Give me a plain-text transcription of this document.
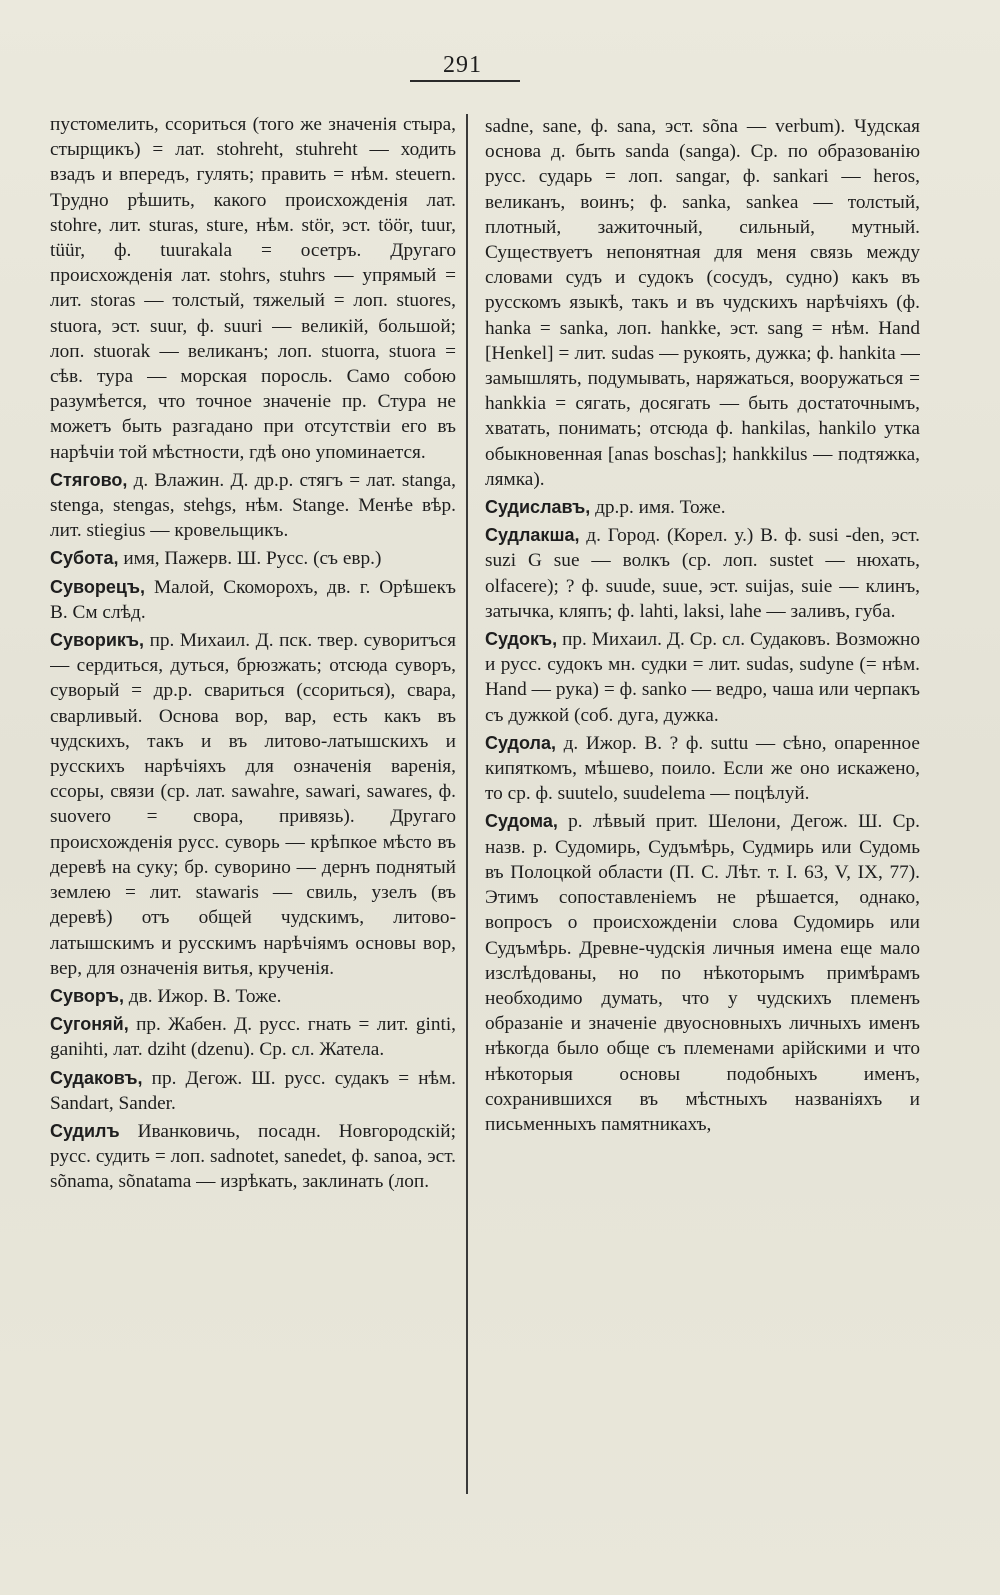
291

пустомелить, ссориться (того же значенія стыра, стырщикъ) = лат. stohreht, stuhreht — ходить взадъ и впередъ, гулять; править = нѣм. steuern. Трудно рѣшить, какого происхожденія лат. stohre, лит. sturas, sture, нѣм. stör, эст. töör, tuur, tüür, ф. tuurakala = осетръ. Другаго происхожденія лат. stohrs, stuhrs — упрямый = лит. storas — толстый, тяжелый = лоп. stuores, stuora, эст. suur, ф. suuri — великій, большой; лоп. stuorak — великанъ; лоп. stuorra, stuora = сѣв. тура — морская поросль. Само собою разумѣется, что точное значеніе пр. Стура не можетъ быть разгадано при отсутствіи его въ нарѣчіи той мѣстности, гдѣ оно упоминается.

Стягово, д. Влажин. Д. др.р. стягъ = лат. stanga, stenga, stengas, stehgs, нѣм. Stange. Менѣе вѣр. лит. stiegius — кровельщикъ.

Субота, имя, Пажерв. Ш. Русс. (съ евр.)

Суворецъ, Малой, Скоморохъ, дв. г. Орѣшекъ В. См слѣд.

Суворикъ, пр. Михаил. Д. пск. твер. суворитъся — сердиться, дуться, брюзжать; отсюда суворъ, суворый = др.р. свариться (ссориться), свара, сварливый. Основа вор, вар, есть какъ въ чудскихъ, такъ и въ литово-латышскихъ и русскихъ нарѣчіяхъ для означенія варенія, ссоры, связи (ср. лат. sawahre, sawari, sawares, ф. suovero = свора, привязь). Другаго происхожденія русс. суворь — крѣпкое мѣсто въ деревѣ на суку; бр. суворино — дернъ поднятый землею = лит. stawaris — свиль, узелъ (въ деревѣ) отъ общей чудскимъ, литово-латышскимъ и русскимъ нарѣчіямъ основы вор, вер, для означенія витья, крученія.

Суворъ, дв. Ижор. В. Тоже.

Сугоняй, пр. Жабен. Д. русс. гнать = лит. ginti, ganihti, лат. dziht (dzenu). Ср. сл. Жатела.

Судаковъ, пр. Дегож. Ш. русс. судакъ = нѣм. Sandart, Sander.

Судилъ Иванковичь, посадн. Новгородскій; русс. судить = лоп. sadnotet, sanedet, ф. sanoa, эст. sõnama, sõnatama — изрѣкать, заклинать (лоп.

sadne, sane, ф. sana, эст. sõna — verbum). Чудская основа д. быть sanda (sanga). Ср. по образованію русс. сударь = лоп. sangar, ф. sankari — heros, великанъ, воинъ; ф. sanka, sankea — толстый, плотный, зажиточный, сильный, мутный. Существуетъ непонятная для меня связь между словами судъ и судокъ (сосудъ, судно) какъ въ русскомъ языкѣ, такъ и въ чудскихъ нарѣчіяхъ (ф. hanka = sanka, лоп. hankke, эст. sang = нѣм. Hand [Henkel] = лит. sudas — рукоять, дужка; ф. hankita — замышлять, подумывать, наряжаться, вооружаться = hankkia = сягать, досягать — быть достаточнымъ, хватать, понимать; отсюда ф. hankilas, hankilo утка обыкновенная [anas boschas]; hankkilus — подтяжка, лямка).

Судиславъ, др.р. имя. Тоже.

Судлакша, д. Город. (Корел. у.) В. ф. susi -den, эст. suzi G sue — волкъ (ср. лоп. sustet — нюхать, olfacere); ? ф. suude, suue, эст. suijas, suie — клинъ, затычка, кляпъ; ф. lahti, laksi, lahe — заливъ, губа.

Судокъ, пр. Михаил. Д. Ср. сл. Судаковъ. Возможно и русс. судокъ мн. судки = лит. sudas, sudyne (= нѣм. Hand — рука) = ф. sanko — ведро, чаша или черпакъ съ дужкой (соб. дуга, дужка.

Судола, д. Ижор. В. ? ф. suttu — сѣно, опаренное кипяткомъ, мѣшево, поило. Если же оно искажено, то ср. ф. suutelo, suudelema — поцѣлуй.

Судома, р. лѣвый прит. Шелони, Дегож. Ш. Ср. назв. р. Судомирь, Судъмѣрь, Судмирь или Судомь въ Полоцкой области (П. С. Лѣт. т. I. 63, V, IX, 77). Этимъ сопоставленіемъ не рѣшается, однако, вопросъ о происхожденіи слова Судомирь или Судъмѣрь. Древне-чудскія личныя имена еще мало изслѣдованы, но по нѣкоторымъ примѣрамъ необходимо думать, что у чудскихъ племенъ образаніе и значеніе двуосновныхъ личныхъ именъ нѣкогда было обще съ племенами арійскими и что нѣкоторыя основы подобныхъ именъ, сохранившихся въ мѣстныхъ названіяхъ и письменныхъ памятникахъ,
